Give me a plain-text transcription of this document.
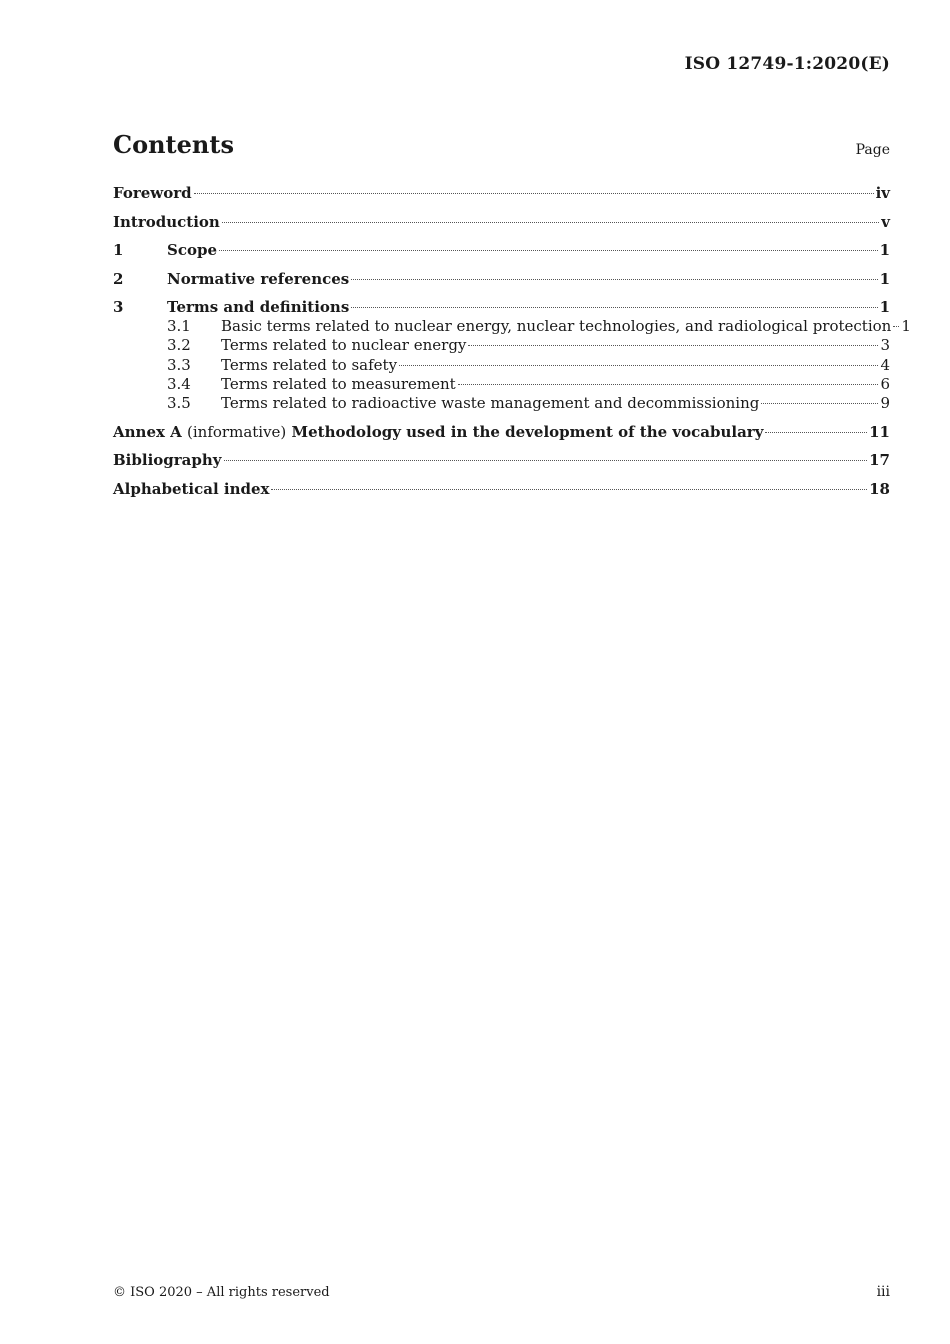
ISO 12749-1:2020(E)
Contents	Page
Foreword	iv
Introduction	v
1	Scope	1
2	Normative references	1
3	Terms and definitions	1
3.1	Basic terms related to nuclear energy, nuclear technologies, and radiological protection 1
3.2	Terms related to nuclear energy	3
3.3	Terms related to safety	4
3.4	Terms related to measurement	6
3.5	Terms related to radioactive waste management and decommissioning	9
Annex A (informative) Methodology used in the development of the vocabulary	11
Bibliography	17
Alphabetical index	18
© ISO 2020 – All rights reserved	iii
